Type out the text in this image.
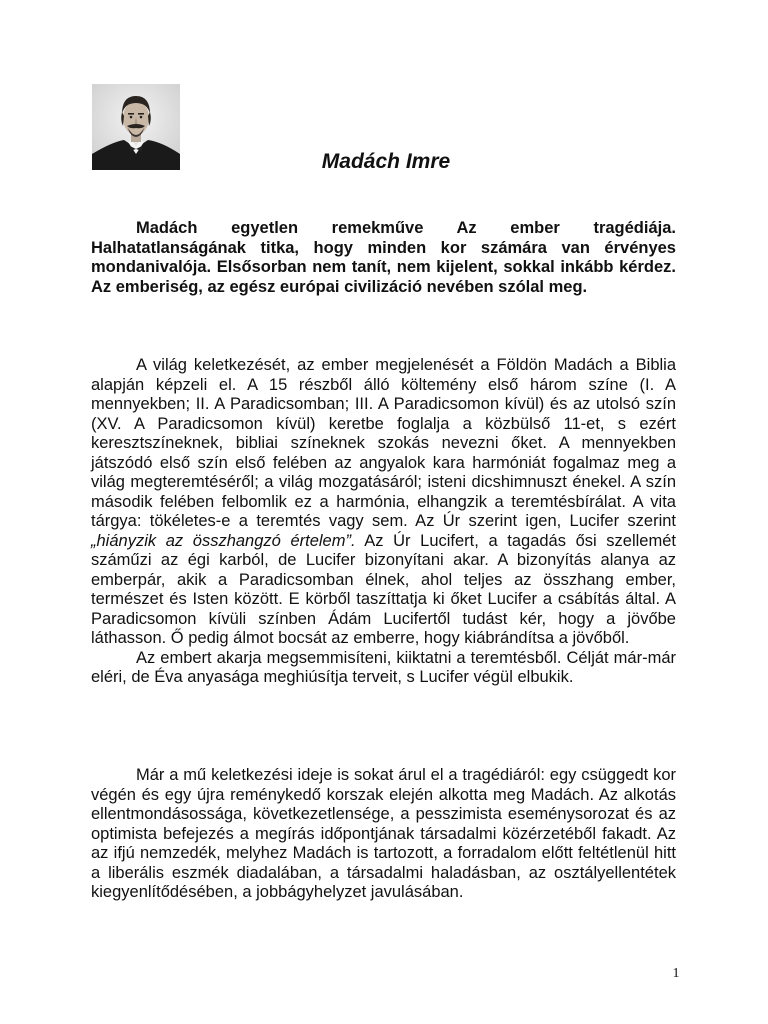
Madách Imre

Madách egyetlen remekműve Az ember tragédiája. Halhatatlanságának titka, hogy minden kor számára van érvényes mondanivalója. Elsősorban nem tanít, nem kijelent, sokkal inkább kérdez. Az emberiség, az egész európai civilizáció nevében szólal meg.

A világ keletkezését, az ember megjelenését a Földön Madách a Biblia alapján képzeli el. A 15 részből álló költemény első három színe (I. A mennyekben; II. A Paradicsomban; III. A Paradicsomon kívül) és az utolsó szín (XV. A Paradicsomon kívül) keretbe foglalja a közbülső 11-et, s ezért keresztszíneknek, bibliai színeknek szokás nevezni őket. A mennyekben játszódó első szín első felében az angyalok kara harmóniát fogalmaz meg a világ megteremtéséről; a világ mozgatásáról; isteni dicshimnuszt énekel. A szín második felében felbomlik ez a harmónia, elhangzik a teremtésbírálat. A vita tárgya: tökéletes-e a teremtés vagy sem. Az Úr szerint igen, Lucifer szerint „hiányzik az összhangzó értelem”. Az Úr Lucifert, a tagadás ősi szellemét száműzi az égi karból, de Lucifer bizonyítani akar. A bizonyítás alanya az emberpár, akik a Paradicsomban élnek, ahol teljes az összhang ember, természet és Isten között. E körből taszíttatja ki őket Lucifer a csábítás által. A Paradicsomon kívüli színben Ádám Lucifertől tudást kér, hogy a jövőbe láthasson. Ő pedig álmot bocsát az emberre, hogy kiábrándítsa a jövőből.

Az embert akarja megsemmisíteni, kiiktatni a teremtésből. Célját már-már eléri, de Éva anyasága meghiúsítja terveit, s Lucifer végül elbukik.

Már a mű keletkezési ideje is sokat árul el a tragédiáról: egy csüggedt kor végén és egy újra reménykedő korszak elején alkotta meg Madách. Az alkotás ellentmondásossága, következetlensége, a pesszimista eseménysorozat és az optimista befejezés a megírás időpontjának társadalmi közérzetéből fakadt. Az az ifjú nemzedék, melyhez Madách is tartozott, a forradalom előtt feltétlenül hitt a liberális eszmék diadalában, a társadalmi haladásban, az osztályellentétek kiegyenlítődésében, a jobbágyhelyzet javulásában.

1
